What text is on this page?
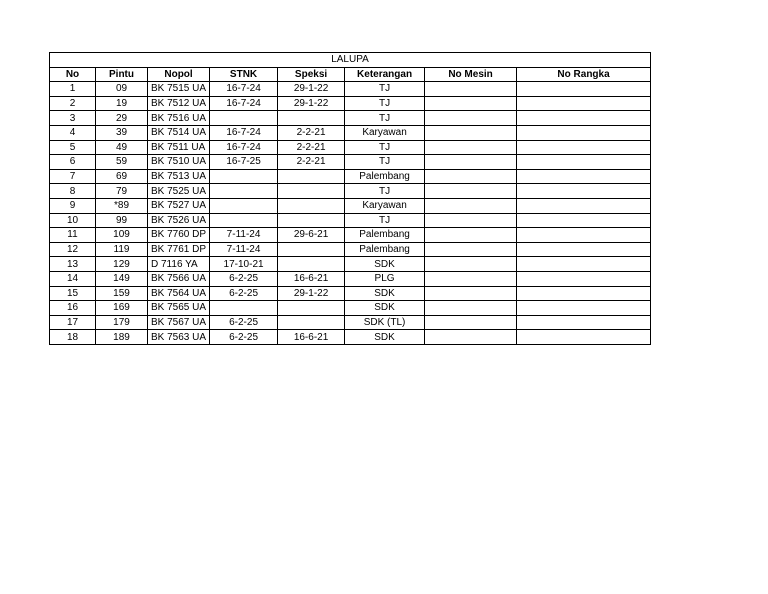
LALUPA							
No	Pintu	Nopol	STNK	Speksi	Keterangan	No Mesin	No Rangka
1	09	BK 7515 UA	16-7-24	29-1-22	TJ		
2	19	BK 7512 UA	16-7-24	29-1-22	TJ		
3	29	BK 7516 UA			TJ		
4	39	BK 7514 UA	16-7-24	2-2-21	Karyawan		
5	49	BK 7511 UA	16-7-24	2-2-21	TJ		
6	59	BK 7510 UA	16-7-25	2-2-21	TJ		
7	69	BK 7513 UA			Palembang		
8	79	BK 7525 UA			TJ		
9	*89	BK 7527 UA			Karyawan		
10	99	BK 7526 UA			TJ		
11	109	BK 7760 DP	7-11-24	29-6-21	Palembang		
12	119	BK 7761 DP	7-11-24		Palembang		
13	129	D 7116 YA	17-10-21		SDK		
14	149	BK 7566 UA	6-2-25	16-6-21	PLG		
15	159	BK 7564 UA	6-2-25	29-1-22	SDK		
16	169	BK 7565 UA			SDK		
17	179	BK 7567 UA	6-2-25		SDK (TL)		
18	189	BK 7563 UA	6-2-25	16-6-21	SDK		
